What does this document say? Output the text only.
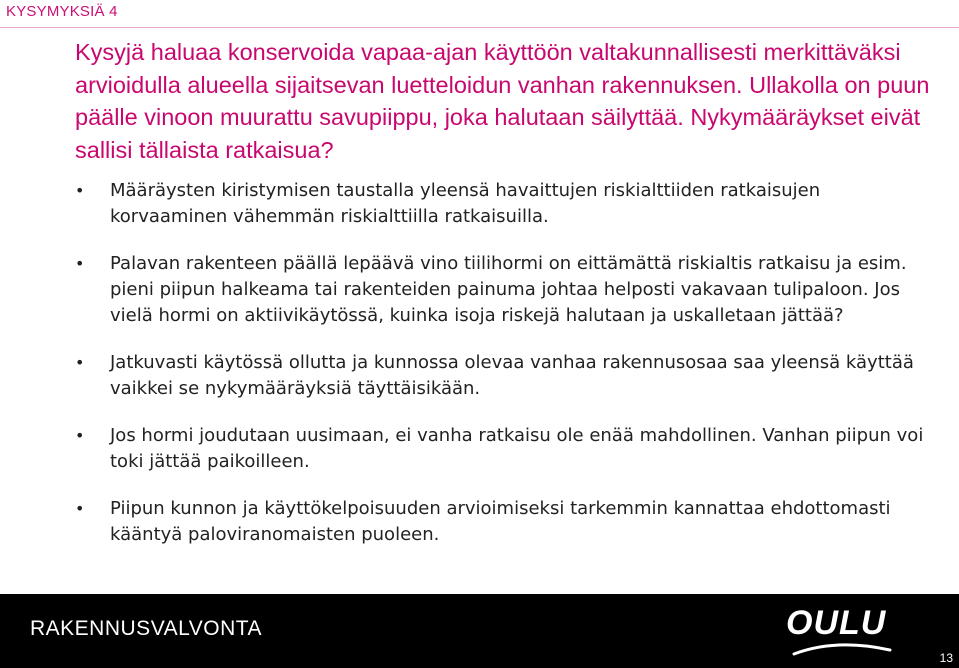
KYSYMYKSIÄ 4

Kysyjä haluaa konservoida vapaa-ajan käyttöön valtakunnallisesti merkittäväksi arvioidulla alueella sijaitsevan luetteloidun vanhan rakennuksen. Ullakolla on puun päälle vinoon muurattu savupiippu, joka halutaan säilyttää. Nykymääräykset eivät sallisi tällaista ratkaisua?

• Määräysten kiristymisen taustalla yleensä havaittujen riskialttiiden ratkaisujen korvaaminen vähemmän riskialttiilla ratkaisuilla.
• Palavan rakenteen päällä lepäävä vino tiilihormi on eittämättä riskialtis ratkaisu ja esim. pieni piipun halkeama tai rakenteiden painuma johtaa helposti vakavaan tulipaloon. Jos vielä hormi on aktiivikäytössä, kuinka isoja riskejä halutaan ja uskalletaan jättää?
• Jatkuvasti käytössä ollutta ja kunnossa olevaa vanhaa rakennusosaa saa yleensä käyttää vaikkei se nykymääräyksiä täyttäisikään.
• Jos hormi joudutaan uusimaan, ei vanha ratkaisu ole enää mahdollinen. Vanhan piipun voi toki jättää paikoilleen.
• Piipun kunnon ja käyttökelpoisuuden arvioimiseksi tarkemmin kannattaa ehdottomasti kääntyä paloviranomaisten puoleen.
RAKENNUSVALVONTA	OULU
13
